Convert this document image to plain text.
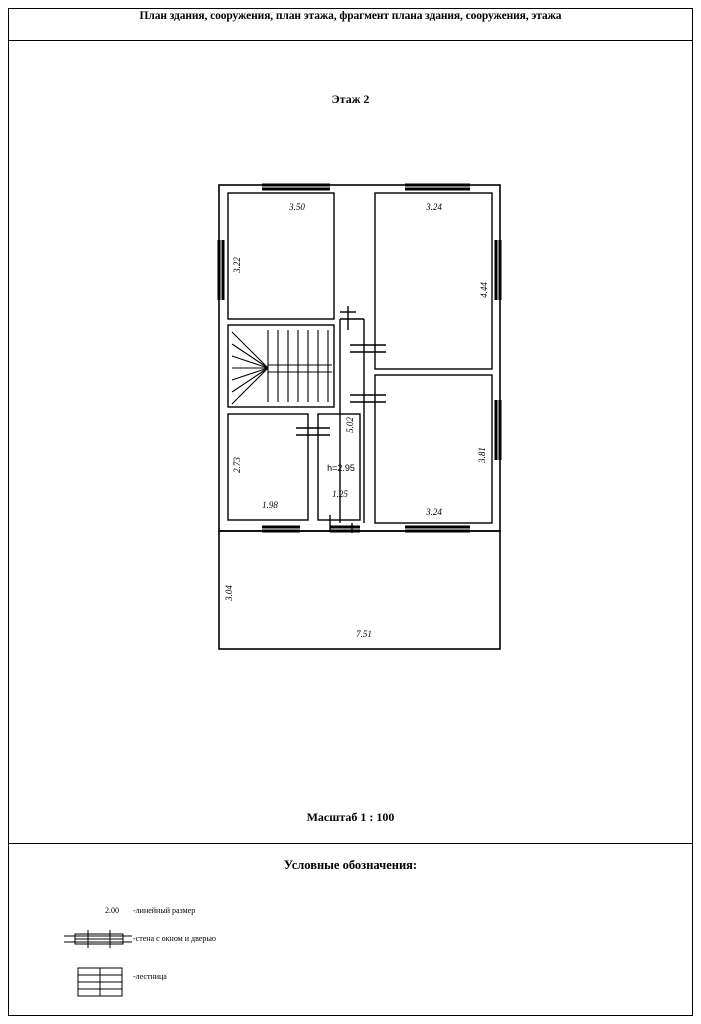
План здания, сооружения, план этажа, фрагмент плана здания, сооружения, этажа
Этаж 2
Масштаб 1 : 100
Условные обозначения:
3.50
3.22
3.24
4.44
3.81
3.24
5.02
2.73
1.98
1.25
3.04
7.51
h=2.95
2.00 -линейный размер
-стена с окном и дверью
-лестница
